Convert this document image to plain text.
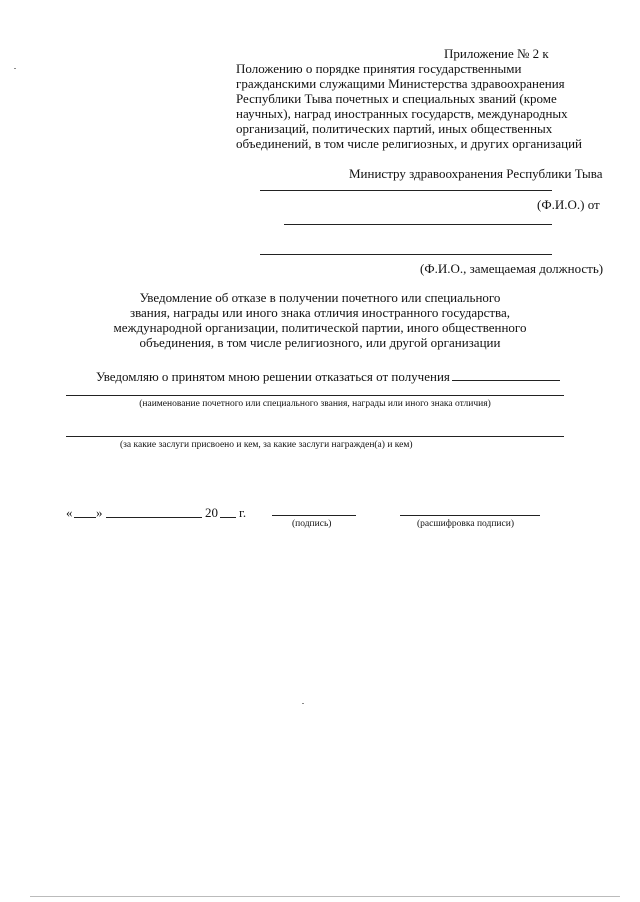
Приложение № 2 к
Положению о порядке принятия государственными
гражданскими служащими Министерства здравоохранения
Республики Тыва почетных и специальных званий (кроме
научных), наград иностранных государств, международных
организаций, политических партий, иных общественных
объединений, в том числе религиозных, и других организаций
Министру здравоохранения Республики Тыва
(Ф.И.О.) от
(Ф.И.О., замещаемая должность)
Уведомление об отказе в получении почетного или специального
звания, награды или иного знака отличия иностранного государства,
международной организации, политической партии, иного общественного
объединения, в том числе религиозного, или другой организации
Уведомляю о принятом мною решении отказаться от получения
(наименование почетного или специального звания, награды или иного знака отличия)
(за какие заслуги присвоено и кем, за какие заслуги награжден(а) и кем)
« »	20 г.
(подпись)	(расшифровка подписи)
